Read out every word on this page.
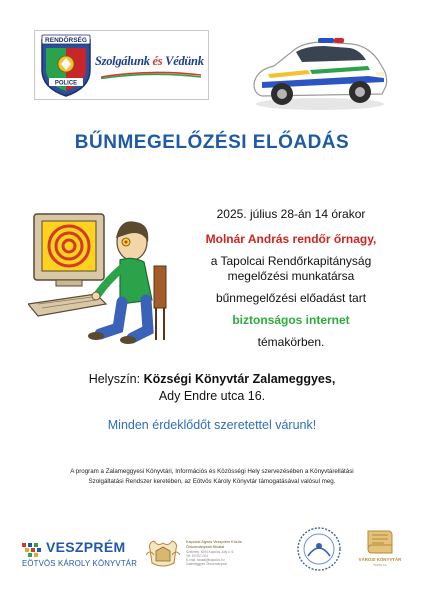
RENDŐRSÉG
POLICE
Szolgálunk és Védünk
BŰNMEGELŐZÉSI ELŐADÁS

2025. július 28-án 14 órakor

Molnár András rendőr őrnagy,

a Tapolcai Rendőrkapitányság

megelőzési munkatársa

bűnmegelőzési előadást tart

biztonságos internet

témakörben.

Helyszín: Községi Könyvtár Zalameggyes,
Ady Endre utca 16.
Minden érdeklődőt szeretettel várunk!
A program a Zalameggyesi Könyvtári, Információs és Közösségi Hely szervezésében a Könyvtárellátási
Szolgáltatási Rendszer keretében, az Eötvös Károly Könyvtár támogatásával valósul meg.
VESZPRÉM
EÖTVÖS KÁROLY KÖNYVTÁR
Kapolcsi Ágnes Veszprém Közös
Önkormányzati Hivatal
Székhely: 8294 Kapolcs, Ady u. 6.
Tel: 87/437-024
E-mail: hivatal@kapolcs.hu
Zalameggyes Önkormányzat
VÁROSI KÖNYVTÁR
TAPOLCA
